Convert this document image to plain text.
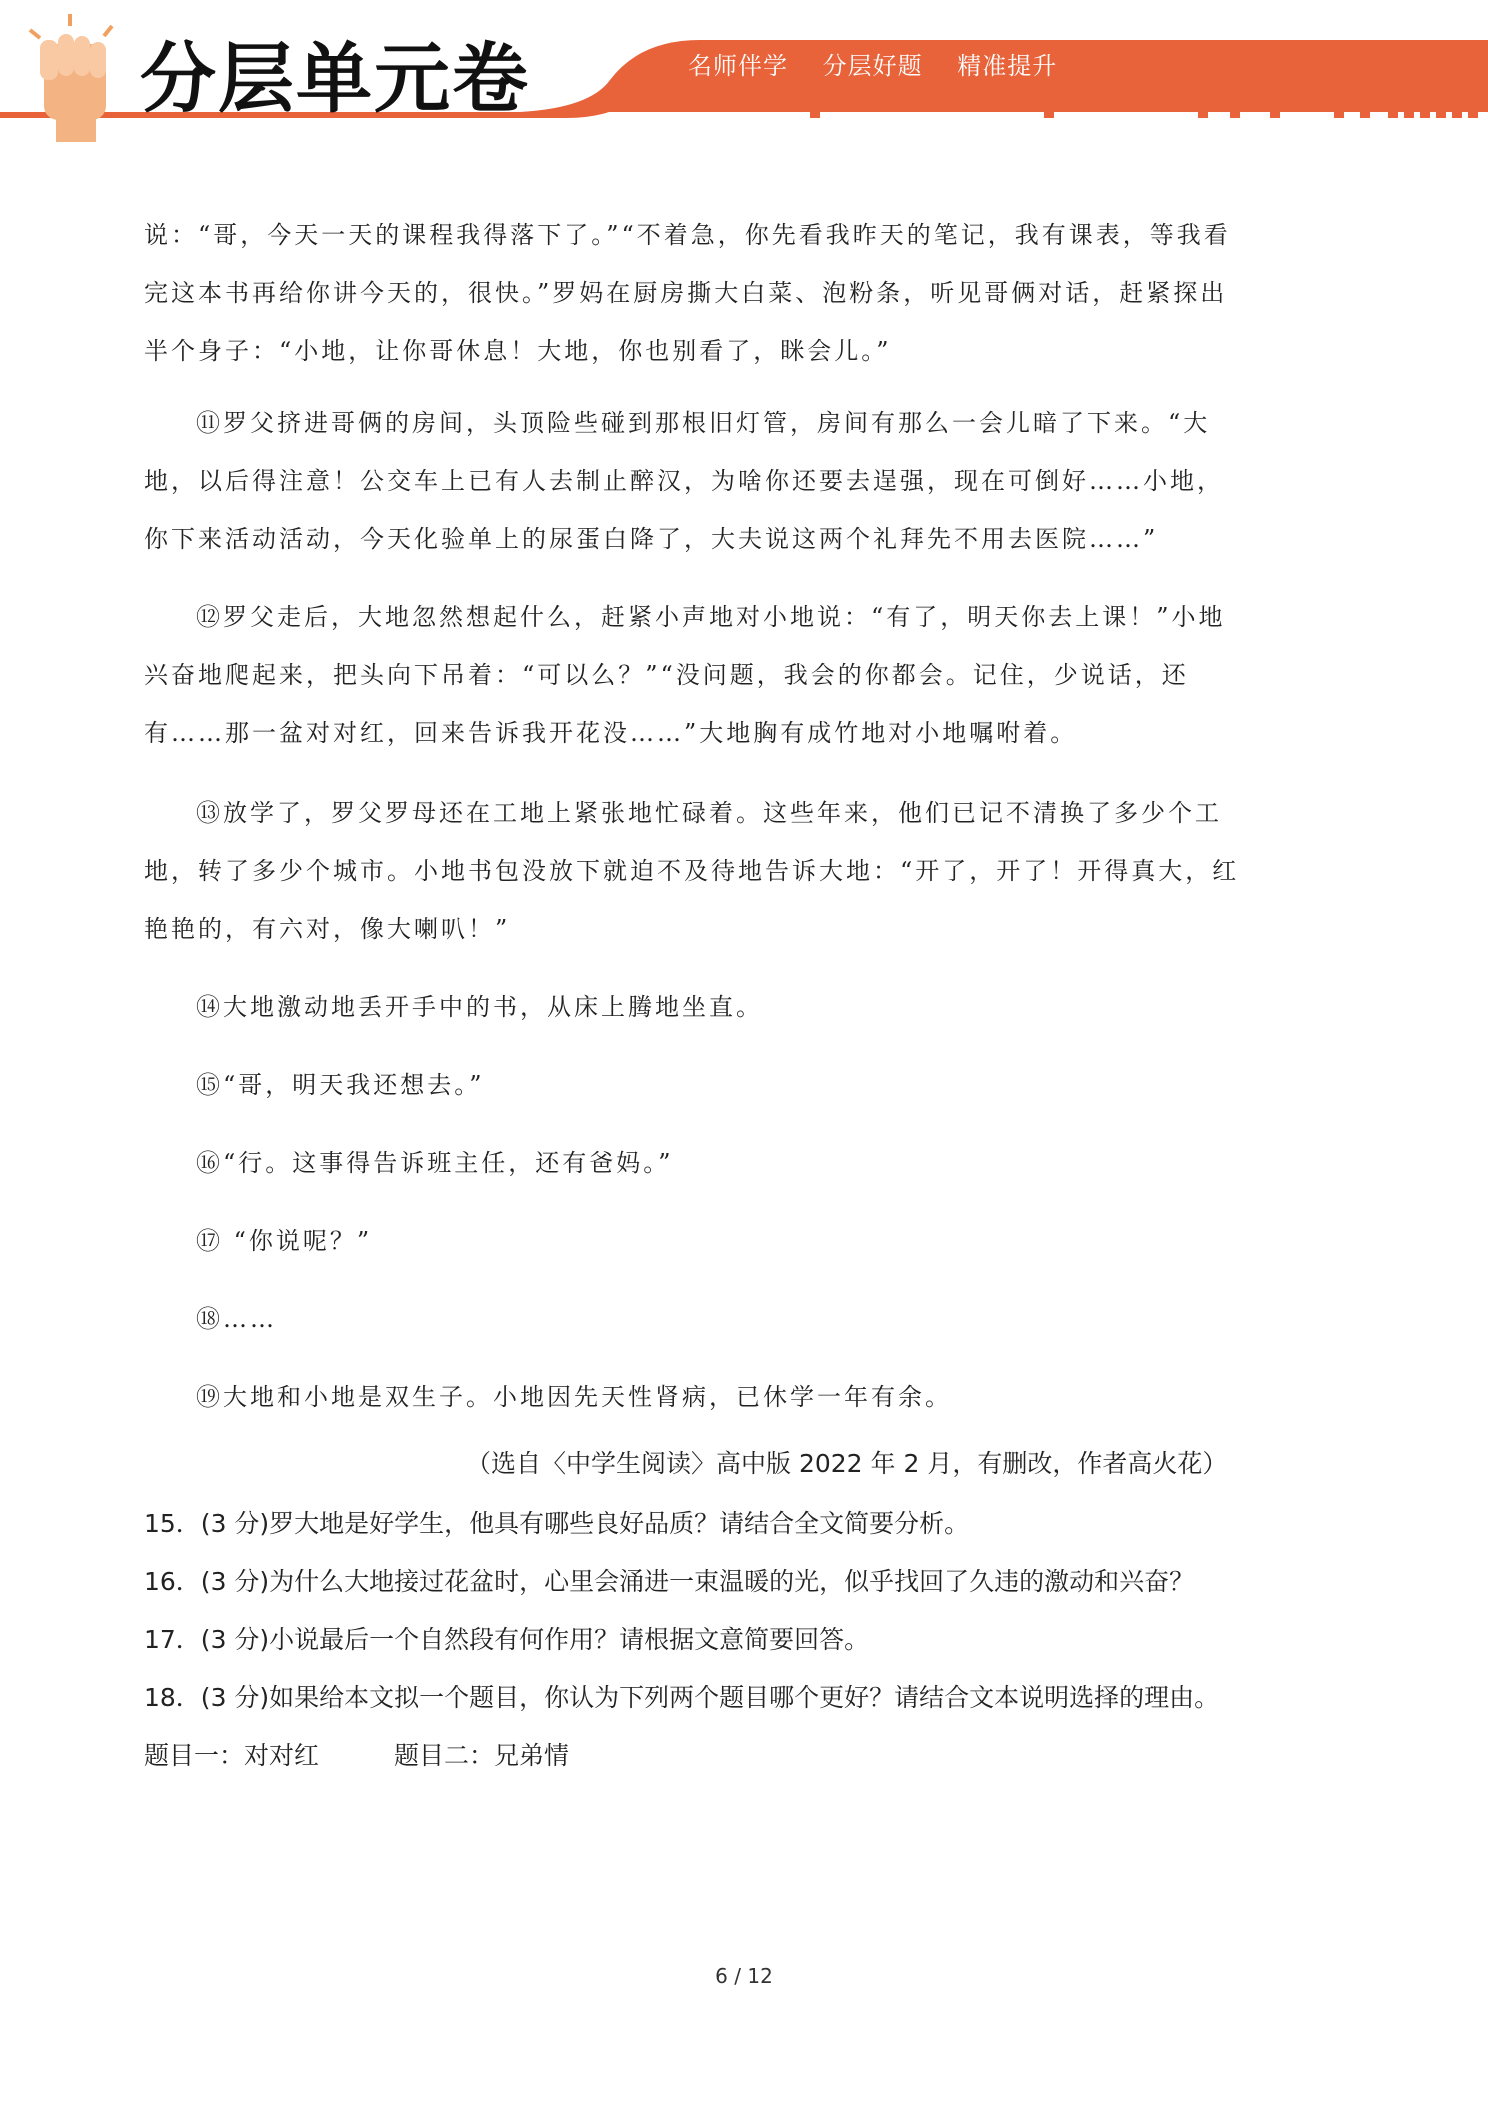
分层单元卷	名师伴学 分层好题 精准提升
说：“哥，今天一天的课程我得落下了。”“不着急，你先看我昨天的笔记，我有课表，等我看完这本书再给你讲今天的，很快。”罗妈在厨房撕大白菜、泡粉条，听见哥俩对话，赶紧探出半个身子：“小地，让你哥休息！大地，你也别看了，眯会儿。”
⑪罗父挤进哥俩的房间，头顶险些碰到那根旧灯管，房间有那么一会儿暗了下来。“大地，以后得注意！公交车上已有人去制止醉汉，为啥你还要去逞强，现在可倒好……小地，你下来活动活动，今天化验单上的尿蛋白降了，大夫说这两个礼拜先不用去医院……”
⑫罗父走后，大地忽然想起什么，赶紧小声地对小地说：“有了，明天你去上课！”小地兴奋地爬起来，把头向下吊着：“可以么？”“没问题，我会的你都会。记住，少说话，还有……那一盆对对红，回来告诉我开花没……”大地胸有成竹地对小地嘱咐着。
⑬放学了，罗父罗母还在工地上紧张地忙碌着。这些年来，他们已记不清换了多少个工地，转了多少个城市。小地书包没放下就迫不及待地告诉大地：“开了，开了！开得真大，红艳艳的，有六对，像大喇叭！”
⑭大地激动地丢开手中的书，从床上腾地坐直。
⑮“哥，明天我还想去。”
⑯“行。这事得告诉班主任，还有爸妈。”
⑰ “你说呢？”
⑱……
⑲大地和小地是双生子。小地因先天性肾病，已休学一年有余。
（选自〈中学生阅读〉高中版 2022 年 2 月，有删改，作者高火花）
15．(3 分)罗大地是好学生，他具有哪些良好品质？请结合全文简要分析。
16．(3 分)为什么大地接过花盆时，心里会涌进一束温暖的光，似乎找回了久违的激动和兴奋？
17．(3 分)小说最后一个自然段有何作用？请根据文意简要回答。
18．(3 分)如果给本文拟一个题目，你认为下列两个题目哪个更好？请结合文本说明选择的理由。
题目一：对对红　　　题目二：兄弟情
6 / 12
